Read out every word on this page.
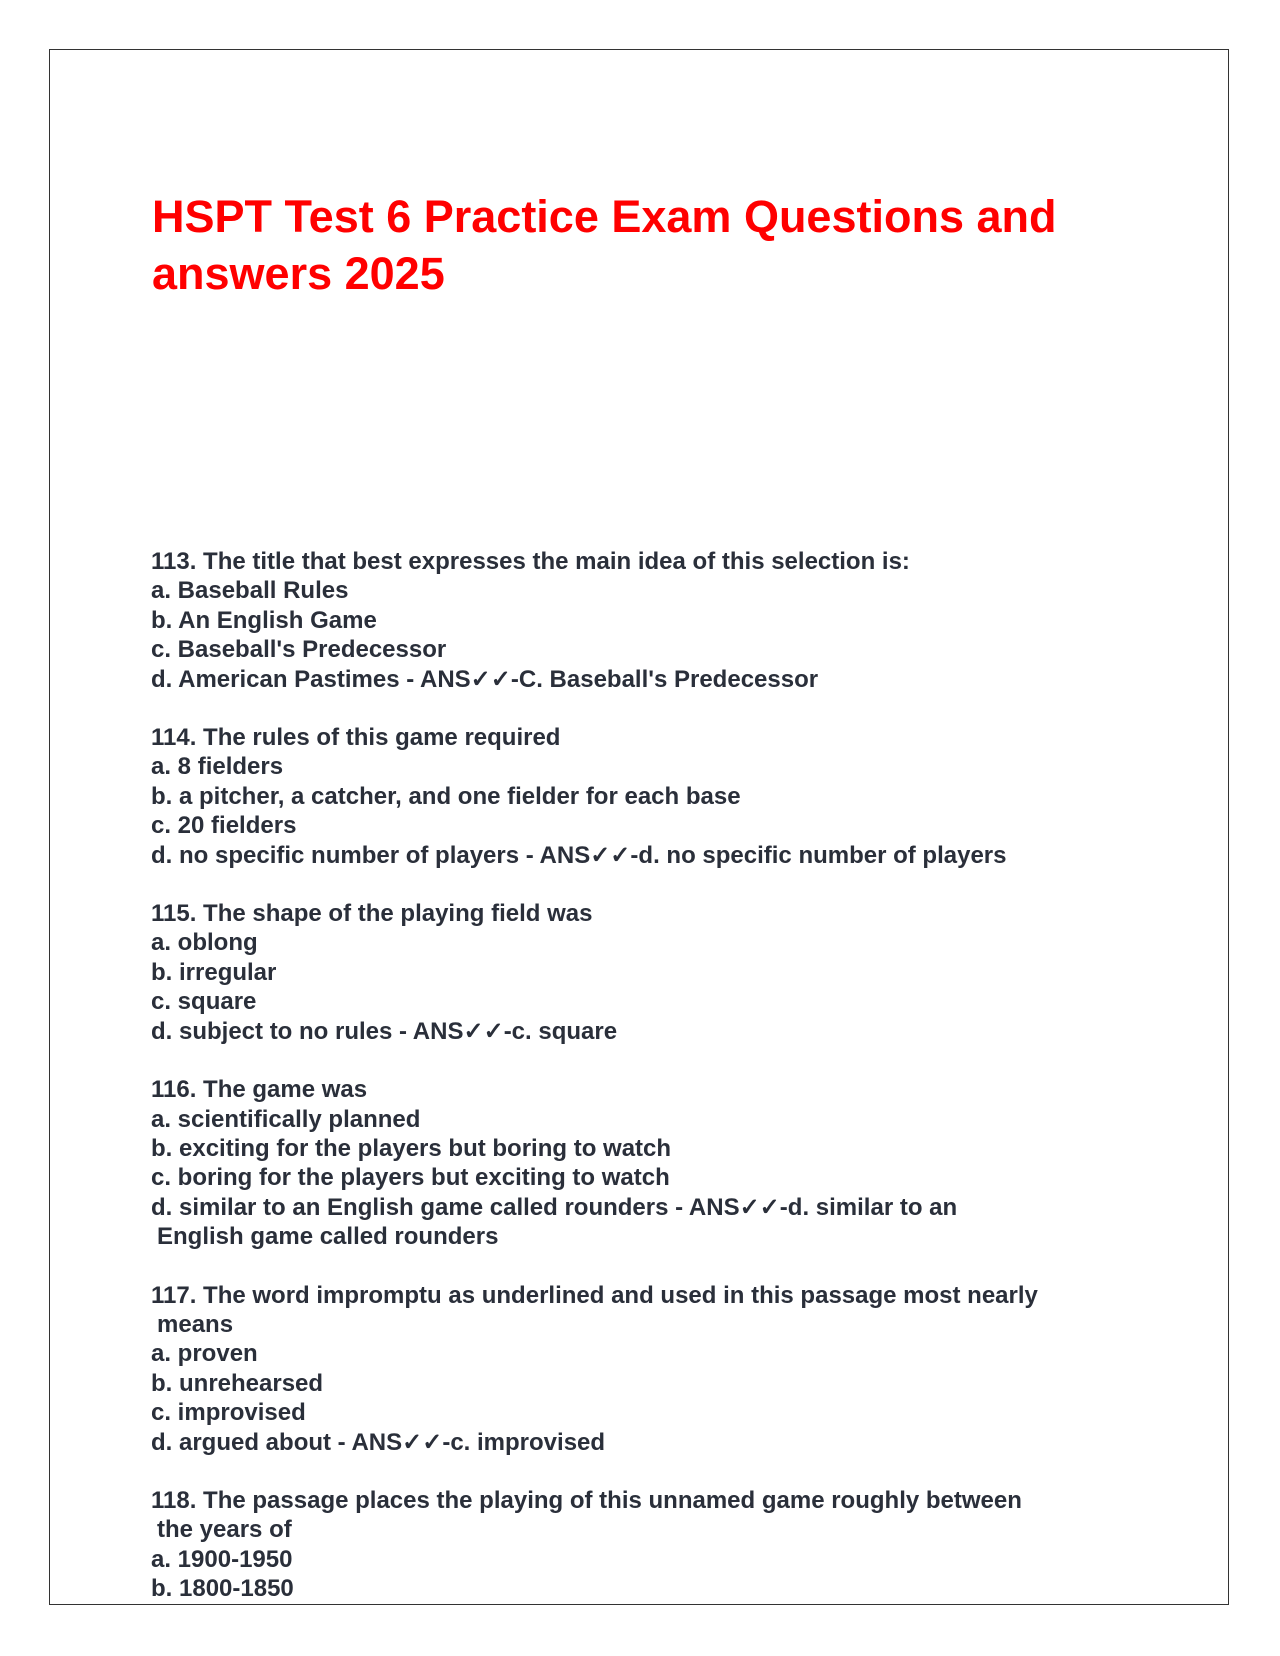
HSPT Test 6 Practice Exam Questions and answers 2025
113. The title that best expresses the main idea of this selection is:
a. Baseball Rules
b. An English Game
c. Baseball's Predecessor
d. American Pastimes - ANS✓✓-C. Baseball's Predecessor
114. The rules of this game required
a. 8 fielders
b. a pitcher, a catcher, and one fielder for each base
c. 20 fielders
d. no specific number of players - ANS✓✓-d. no specific number of players
115. The shape of the playing field was
a. oblong
b. irregular
c. square
d. subject to no rules - ANS✓✓-c. square
116. The game was
a. scientifically planned
b. exciting for the players but boring to watch
c. boring for the players but exciting to watch
d. similar to an English game called rounders - ANS✓✓-d. similar to an
English game called rounders
117. The word impromptu as underlined and used in this passage most nearly
means
a. proven
b. unrehearsed
c. improvised
d. argued about - ANS✓✓-c. improvised
118. The passage places the playing of this unnamed game roughly between
the years of
a. 1900-1950
b. 1800-1850
